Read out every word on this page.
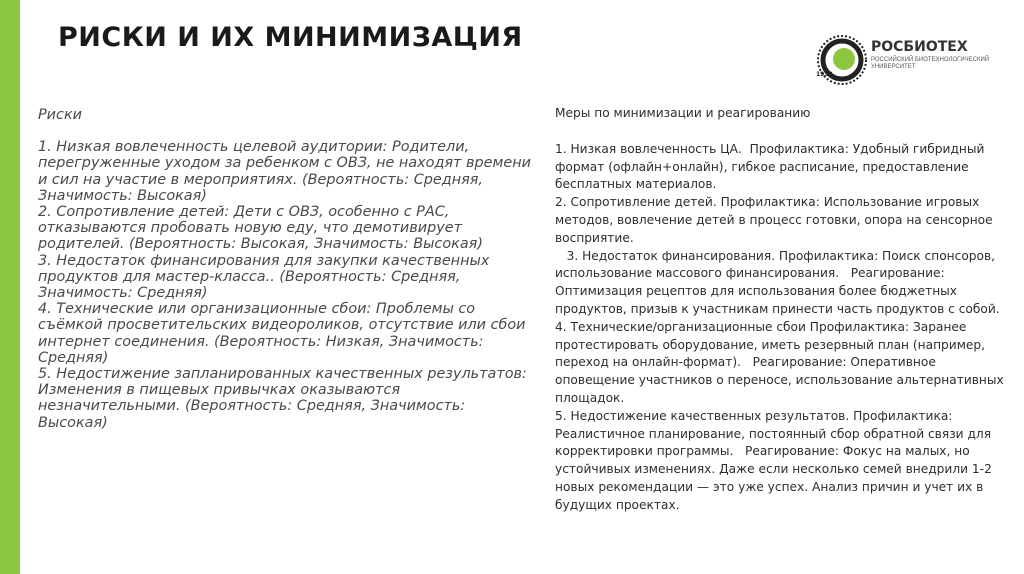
РИСКИ И ИХ МИНИМИЗАЦИЯ
1930
РОСБИОТЕХ
РОССИЙСКИЙ БИОТЕХНОЛОГИЧЕСКИЙ УНИВЕРСИТЕТ

Риски

1. Низкая вовлеченность целевой аудитории: Родители, перегруженные уходом за ребенком с ОВЗ, не находят времени и сил на участие в мероприятиях. (Вероятность: Средняя, Значимость: Высокая)

2. Сопротивление детей: Дети с ОВЗ, особенно с РАС, отказываются пробовать новую еду, что демотивирует родителей. (Вероятность: Высокая, Значимость: Высокая)

3. Недостаток финансирования для закупки качественных продуктов для мастер-класса.. (Вероятность: Средняя, Значимость: Средняя)

4. Технические или организационные сбои: Проблемы со съёмкой просветительских видеороликов, отсутствие или сбои интернет соединения. (Вероятность: Низкая, Значимость: Средняя)

5. Недостижение запланированных качественных результатов: Изменения в пищевых привычках оказываются незначительными. (Вероятность: Средняя, Значимость: Высокая)

Меры по минимизации и реагированию

1. Низкая вовлеченность ЦА.  Профилактика: Удобный гибридный формат (офлайн+онлайн), гибкое расписание, предоставление бесплатных материалов.

2. Сопротивление детей. Профилактика: Использование игровых методов, вовлечение детей в процесс готовки, опора на сенсорное восприятие.

3. Недостаток финансирования. Профилактика: Поиск спонсоров, использование массового финансирования.   Реагирование: Оптимизация рецептов для использования более бюджетных продуктов, призыв к участникам принести часть продуктов с собой.

4. Технические/организационные сбои Профилактика: Заранее протестировать оборудование, иметь резервный план (например, переход на онлайн-формат).   Реагирование: Оперативное оповещение участников о переносе, использование альтернативных площадок.

5. Недостижение качественных результатов. Профилактика: Реалистичное планирование, постоянный сбор обратной связи для корректировки программы.   Реагирование: Фокус на малых, но устойчивых изменениях. Даже если несколько семей внедрили 1-2 новых рекомендации — это уже успех. Анализ причин и учет их в будущих проектах.
